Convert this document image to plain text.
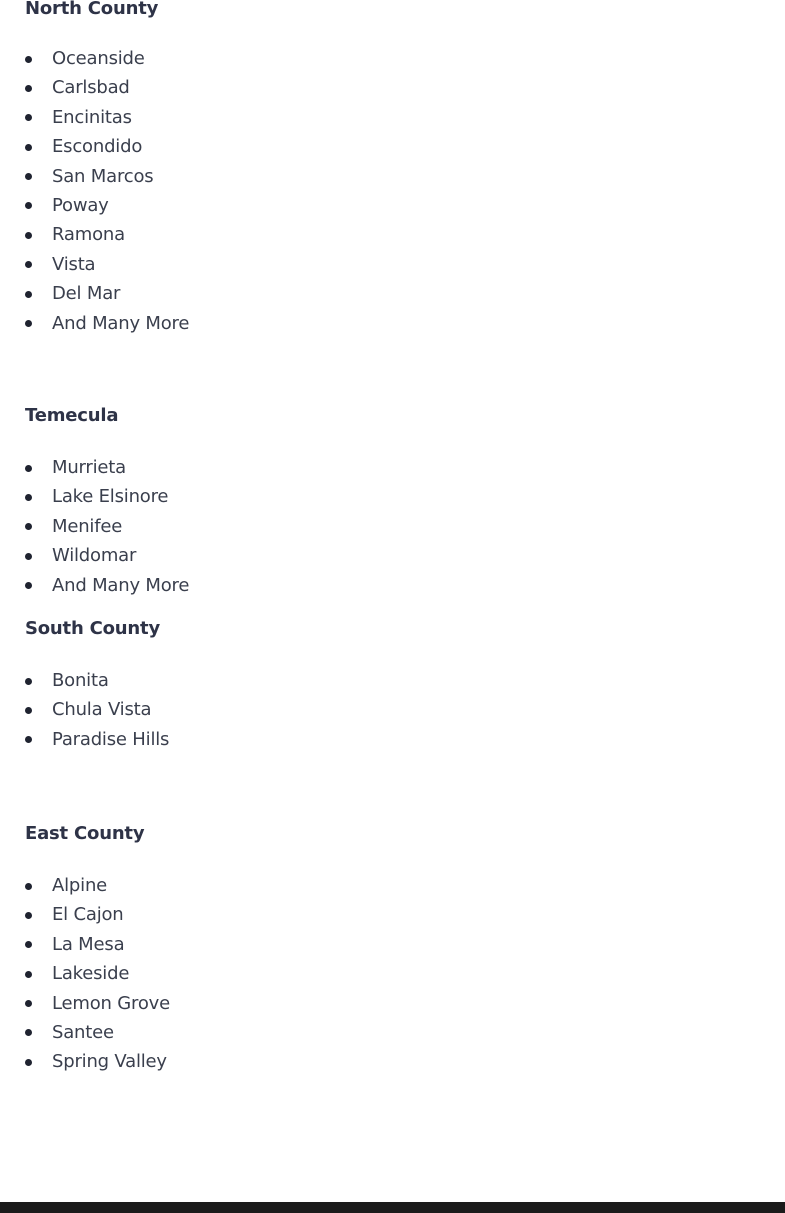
North County
Oceanside
Carlsbad
Encinitas
Escondido
San Marcos
Poway
Ramona
Vista
Del Mar
And Many More
Temecula
Murrieta
Lake Elsinore
Menifee
Wildomar
And Many More
South County
Bonita
Chula Vista
Paradise Hills
East County
Alpine
El Cajon
La Mesa
Lakeside
Lemon Grove
Santee
Spring Valley
